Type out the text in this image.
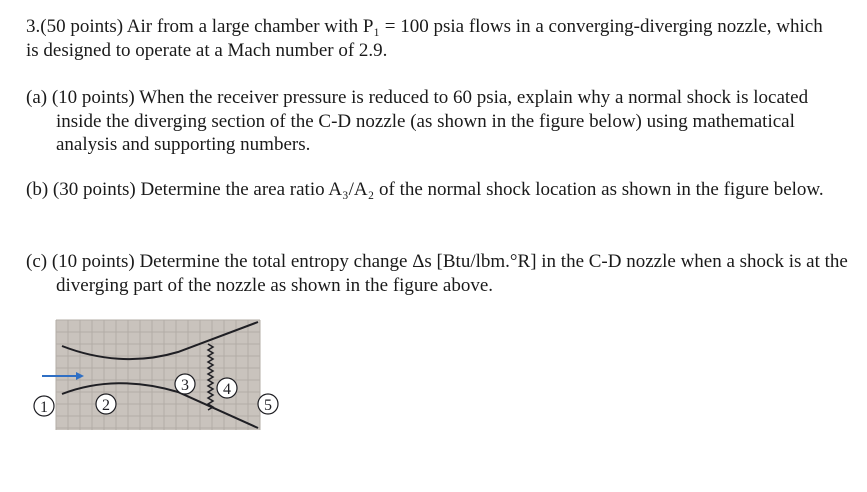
3.(50 points) Air from a large chamber with P₁ = 100 psia flows in a converging-diverging nozzle, which is designed to operate at a Mach number of 2.9.

(a) (10 points) When the receiver pressure is reduced to 60 psia, explain why a normal shock is located inside the diverging section of the C-D nozzle (as shown in the figure below) using mathematical analysis and supporting numbers.

(b) (30 points) Determine the area ratio A₃/A₂ of the normal shock location as shown in the figure below.

(c) (10 points) Determine the total entropy change Δs [Btu/lbm.°R] in the C-D nozzle when a shock is at the diverging part of the nozzle as shown in the figure above.

1	2
3 4
5
